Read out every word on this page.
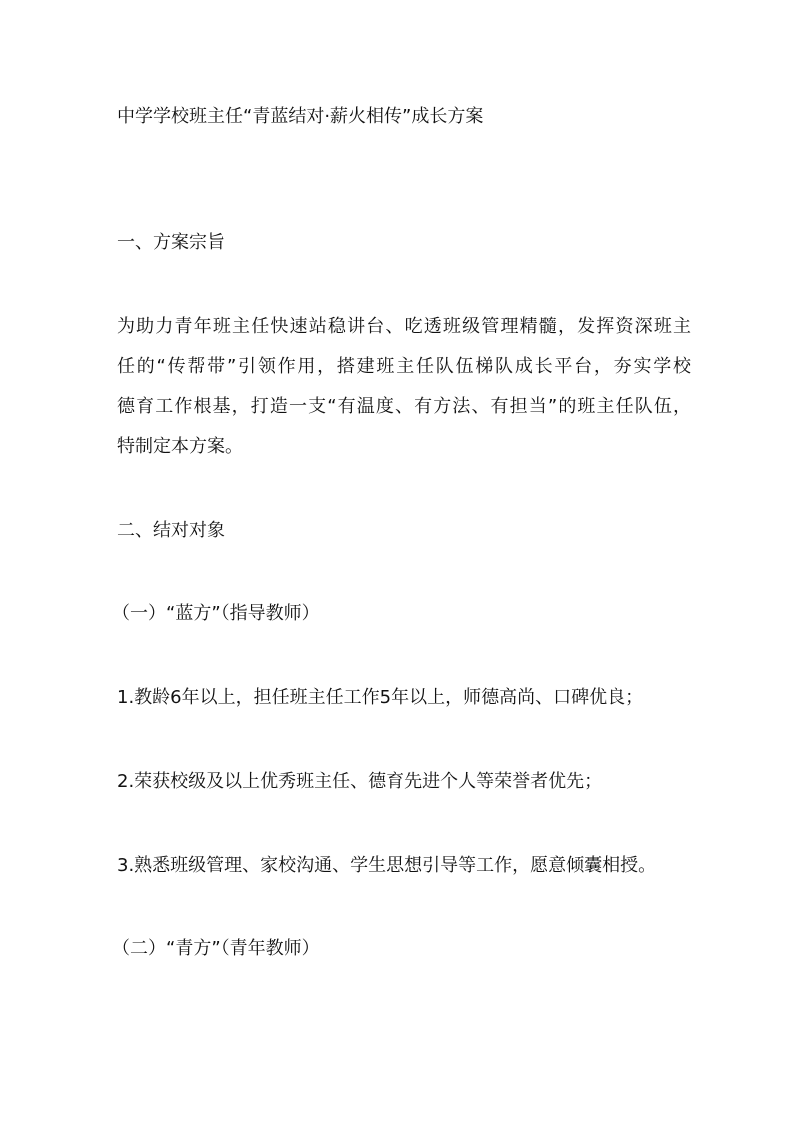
中学学校班主任“青蓝结对·薪火相传”成长方案
一、方案宗旨
为助力青年班主任快速站稳讲台、吃透班级管理精髓，发挥资深班主
任的“传帮带”引领作用，搭建班主任队伍梯队成长平台，夯实学校
德育工作根基，打造一支“有温度、有方法、有担当”的班主任队伍，
特制定本方案。
二、结对对象
（一）“蓝方”（指导教师）
1.教龄6年以上，担任班主任工作5年以上，师德高尚、口碑优良；
2.荣获校级及以上优秀班主任、德育先进个人等荣誉者优先；
3.熟悉班级管理、家校沟通、学生思想引导等工作，愿意倾囊相授。
（二）“青方”（青年教师）
